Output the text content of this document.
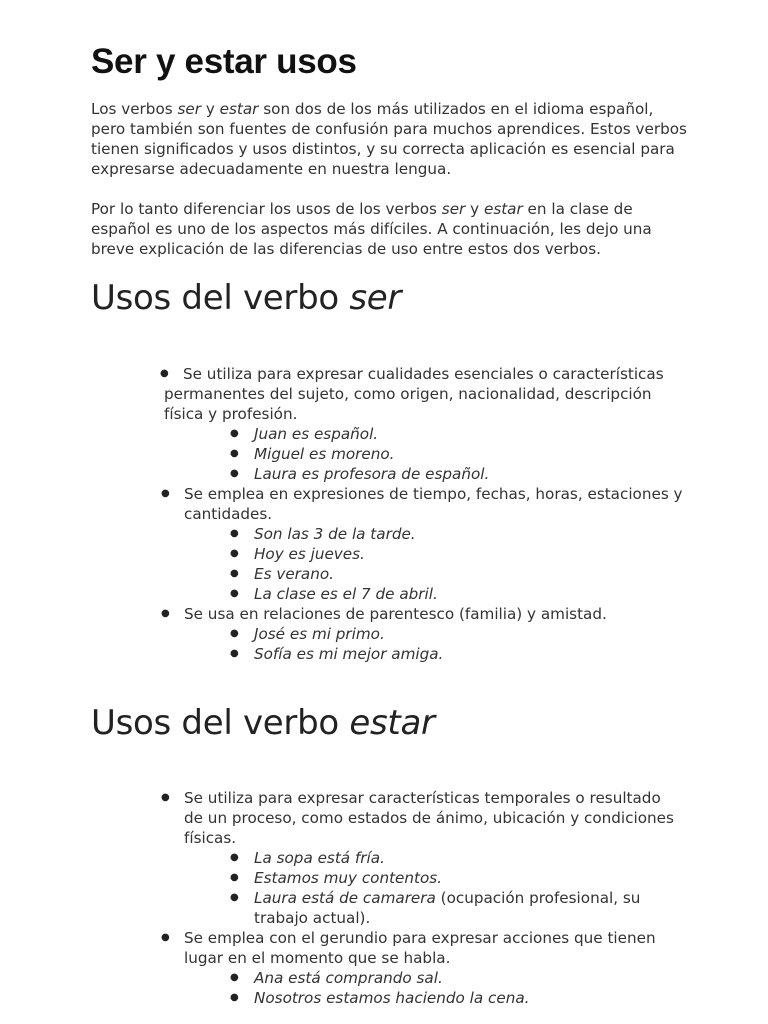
Ser y estar usos

Los verbos ser y estar son dos de los más utilizados en el idioma español, pero también son fuentes de confusión para muchos aprendices. Estos verbos tienen significados y usos distintos, y su correcta aplicación es esencial para expresarse adecuadamente en nuestra lengua.

Por lo tanto diferenciar los usos de los verbos ser y estar en la clase de español es uno de los aspectos más difíciles. A continuación, les dejo una breve explicación de las diferencias de uso entre estos dos verbos.

Usos del verbo ser
● Se utiliza para expresar cualidades esenciales o características permanentes del sujeto, como origen, nacionalidad, descripción física y profesión.
● Juan es español.
● Miguel es moreno.
● Laura es profesora de español.
● Se emplea en expresiones de tiempo, fechas, horas, estaciones y cantidades.
● Son las 3 de la tarde.
● Hoy es jueves.
● Es verano.
● La clase es el 7 de abril.
● Se usa en relaciones de parentesco (familia) y amistad.
● José es mi primo.
● Sofía es mi mejor amiga.
Usos del verbo estar
● Se utiliza para expresar características temporales o resultado de un proceso, como estados de ánimo, ubicación y condiciones físicas.
● La sopa está fría.
● Estamos muy contentos.
● Laura está de camarera (ocupación profesional, su trabajo actual).
● Se emplea con el gerundio para expresar acciones que tienen lugar en el momento que se habla.
● Ana está comprando sal.
● Nosotros estamos haciendo la cena.
